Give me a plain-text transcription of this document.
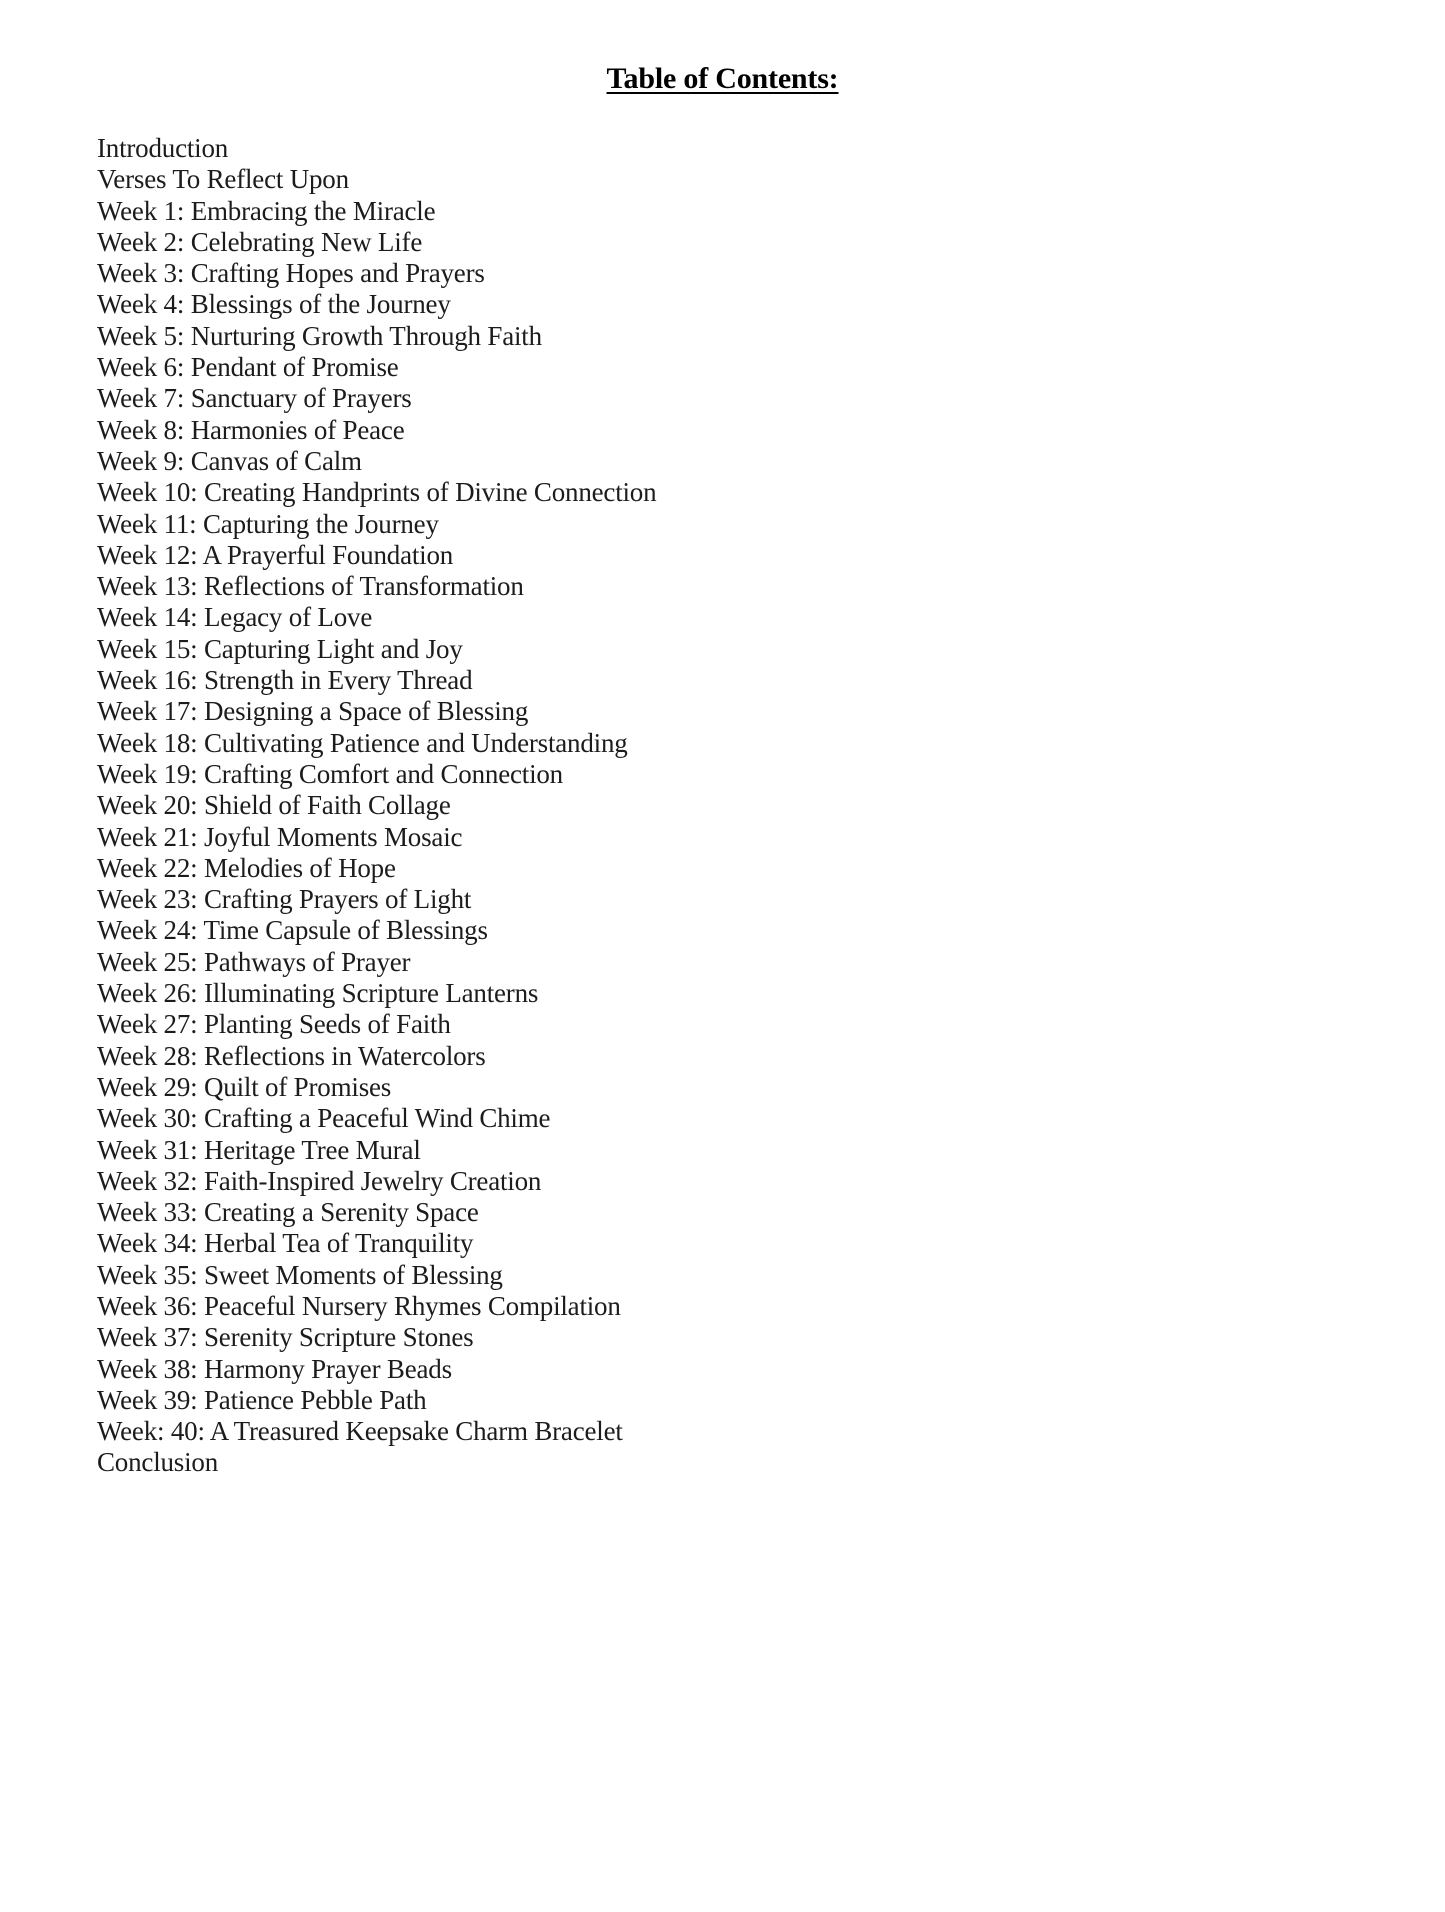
Table of Contents:
Introduction
Verses To Reflect Upon
Week 1: Embracing the Miracle
Week 2: Celebrating New Life
Week 3: Crafting Hopes and Prayers
Week 4: Blessings of the Journey
Week 5: Nurturing Growth Through Faith
Week 6: Pendant of Promise
Week 7: Sanctuary of Prayers
Week 8: Harmonies of Peace
Week 9: Canvas of Calm
Week 10: Creating Handprints of Divine Connection
Week 11: Capturing the Journey
Week 12: A Prayerful Foundation
Week 13: Reflections of Transformation
Week 14: Legacy of Love
Week 15: Capturing Light and Joy
Week 16: Strength in Every Thread
Week 17: Designing a Space of Blessing
Week 18: Cultivating Patience and Understanding
Week 19: Crafting Comfort and Connection
Week 20: Shield of Faith Collage
Week 21: Joyful Moments Mosaic
Week 22: Melodies of Hope
Week 23: Crafting Prayers of Light
Week 24: Time Capsule of Blessings
Week 25: Pathways of Prayer
Week 26: Illuminating Scripture Lanterns
Week 27: Planting Seeds of Faith
Week 28: Reflections in Watercolors
Week 29: Quilt of Promises
Week 30: Crafting a Peaceful Wind Chime
Week 31: Heritage Tree Mural
Week 32: Faith-Inspired Jewelry Creation
Week 33: Creating a Serenity Space
Week 34: Herbal Tea of Tranquility
Week 35: Sweet Moments of Blessing
Week 36: Peaceful Nursery Rhymes Compilation
Week 37: Serenity Scripture Stones
Week 38: Harmony Prayer Beads
Week 39: Patience Pebble Path
Week: 40: A Treasured Keepsake Charm Bracelet
Conclusion
